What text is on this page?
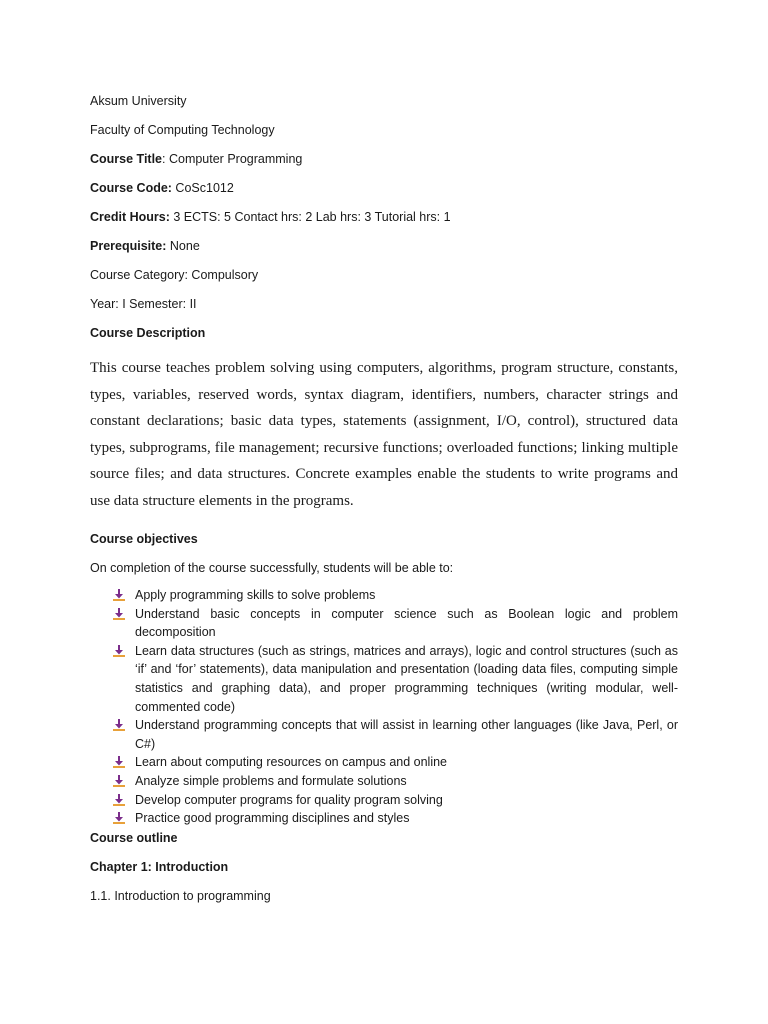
Aksum University
Faculty of Computing Technology
Course Title: Computer Programming
Course Code: CoSc1012
Credit Hours: 3 ECTS: 5 Contact hrs: 2 Lab hrs: 3 Tutorial hrs: 1
Prerequisite: None
Course Category: Compulsory
Year: I Semester: II
Course Description

This course teaches problem solving using computers, algorithms, program structure, constants, types, variables, reserved words, syntax diagram, identifiers, numbers, character strings and constant declarations; basic data types, statements (assignment, I/O, control), structured data types, subprograms, file management; recursive functions; overloaded functions; linking multiple source files; and data structures. Concrete examples enable the students to write programs and use data structure elements in the programs.

Course objectives
On completion of the course successfully, students will be able to:
Apply programming skills to solve problems
Understand basic concepts in computer science such as Boolean logic and problem decomposition
Learn data structures (such as strings, matrices and arrays), logic and control structures (such as ‘if’ and ‘for’ statements), data manipulation and presentation (loading data files, computing simple statistics and graphing data), and proper programming techniques (writing modular, well-commented code)
Understand programming concepts that will assist in learning other languages (like Java, Perl, or C#)
Learn about computing resources on campus and online
Analyze simple problems and formulate solutions
Develop computer programs for quality program solving
Practice good programming disciplines and styles
Course outline
Chapter 1: Introduction
1.1. Introduction to programming
